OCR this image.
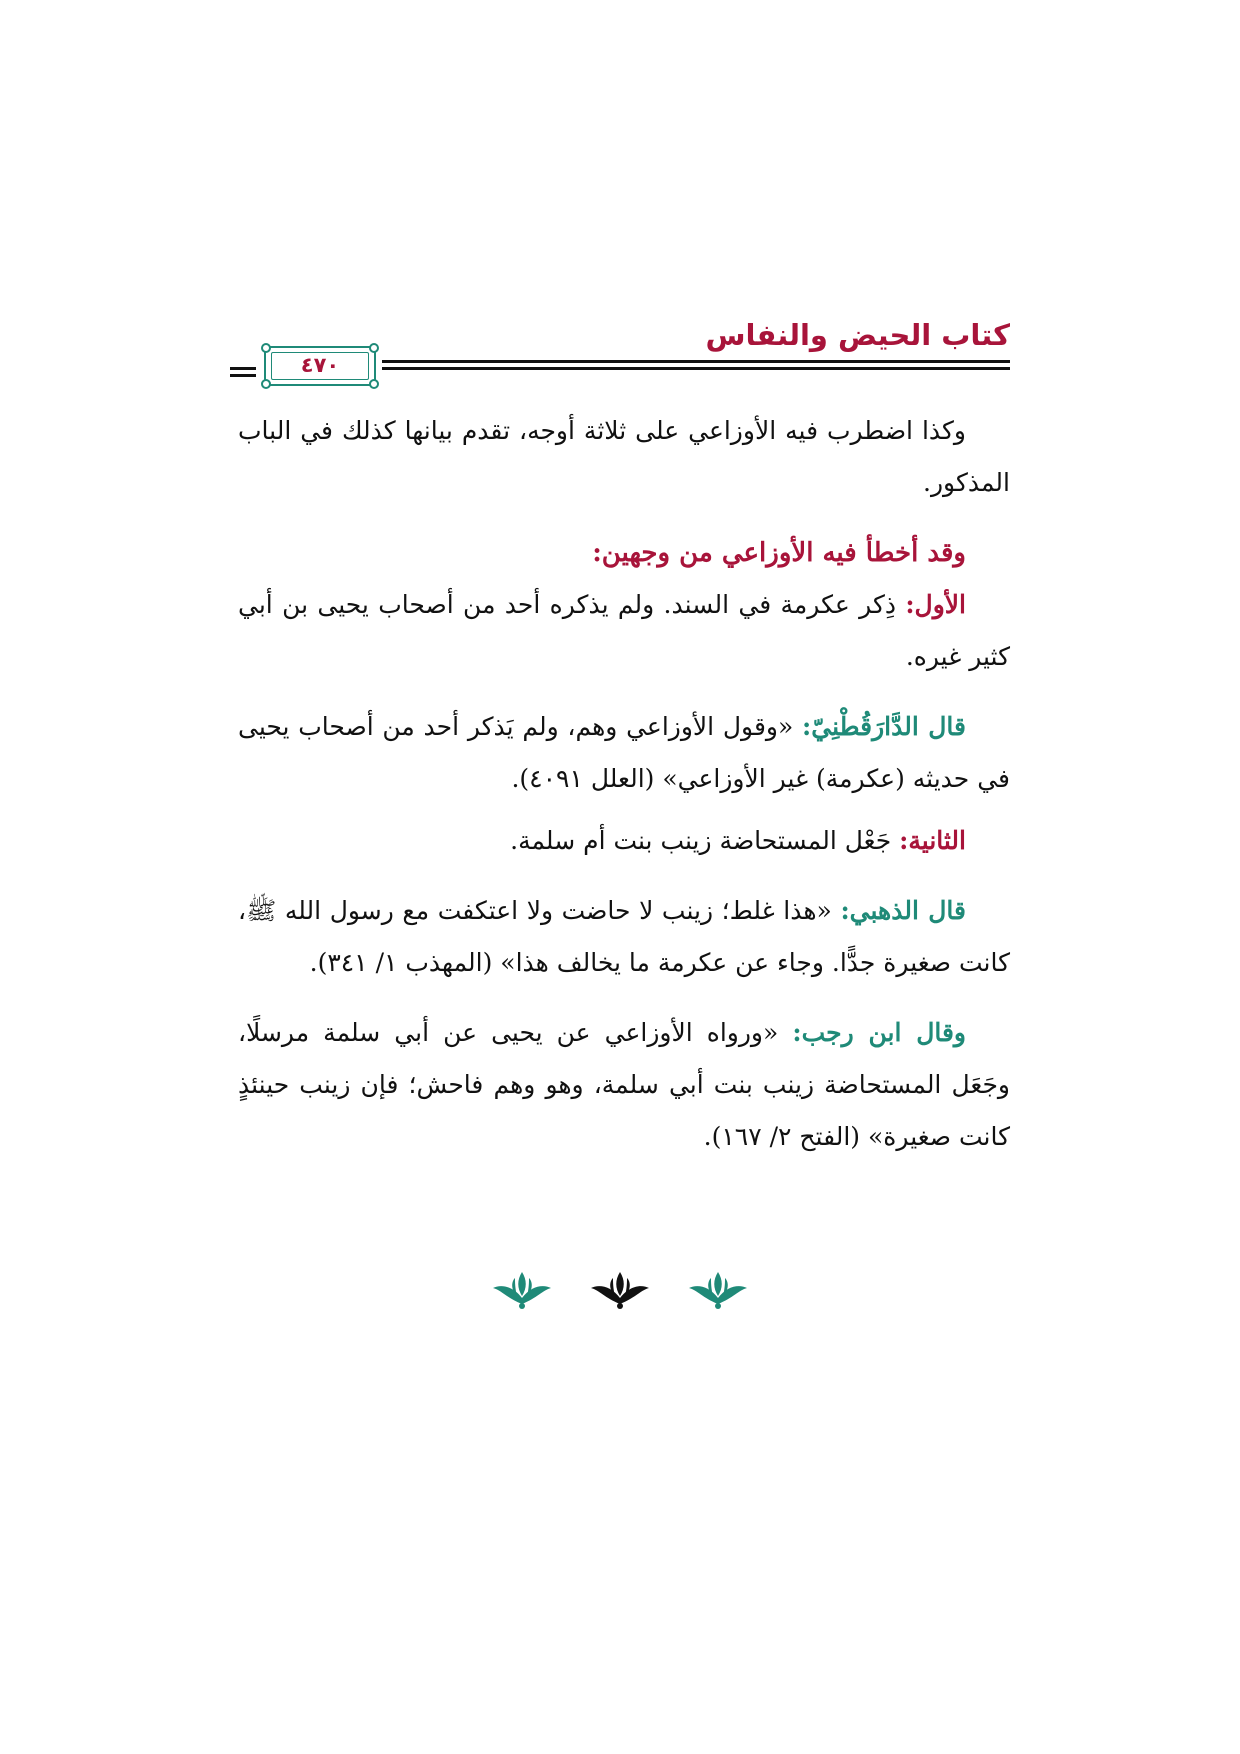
كتاب الحيض والنفاس
٤٧٠

وكذا اضطرب فيه الأوزاعي على ثلاثة أوجه، تقدم بيانها كذلك في الباب المذكور.

وقد أخطأ فيه الأوزاعي من وجهين:

الأول: ذِكر عكرمة في السند. ولم يذكره أحد من أصحاب يحيى بن أبي كثير غيره.

قال الدَّارَقُطْنِيّ: «وقول الأوزاعي وهم، ولم يَذكر أحد من أصحاب يحيى في حديثه (عكرمة) غير الأوزاعي» (العلل ٤٠٩١).

الثانية: جَعْل المستحاضة زينب بنت أم سلمة.

قال الذهبي: «هذا غلط؛ زينب لا حاضت ولا اعتكفت مع رسول الله ﷺ، كانت صغيرة جدًّا. وجاء عن عكرمة ما يخالف هذا» (المهذب ١/ ٣٤١).

وقال ابن رجب: «ورواه الأوزاعي عن يحيى عن أبي سلمة مرسلًا، وجَعَل المستحاضة زينب بنت أبي سلمة، وهو وهم فاحش؛ فإن زينب حينئذٍ كانت صغيرة» (الفتح ٢/ ١٦٧).
